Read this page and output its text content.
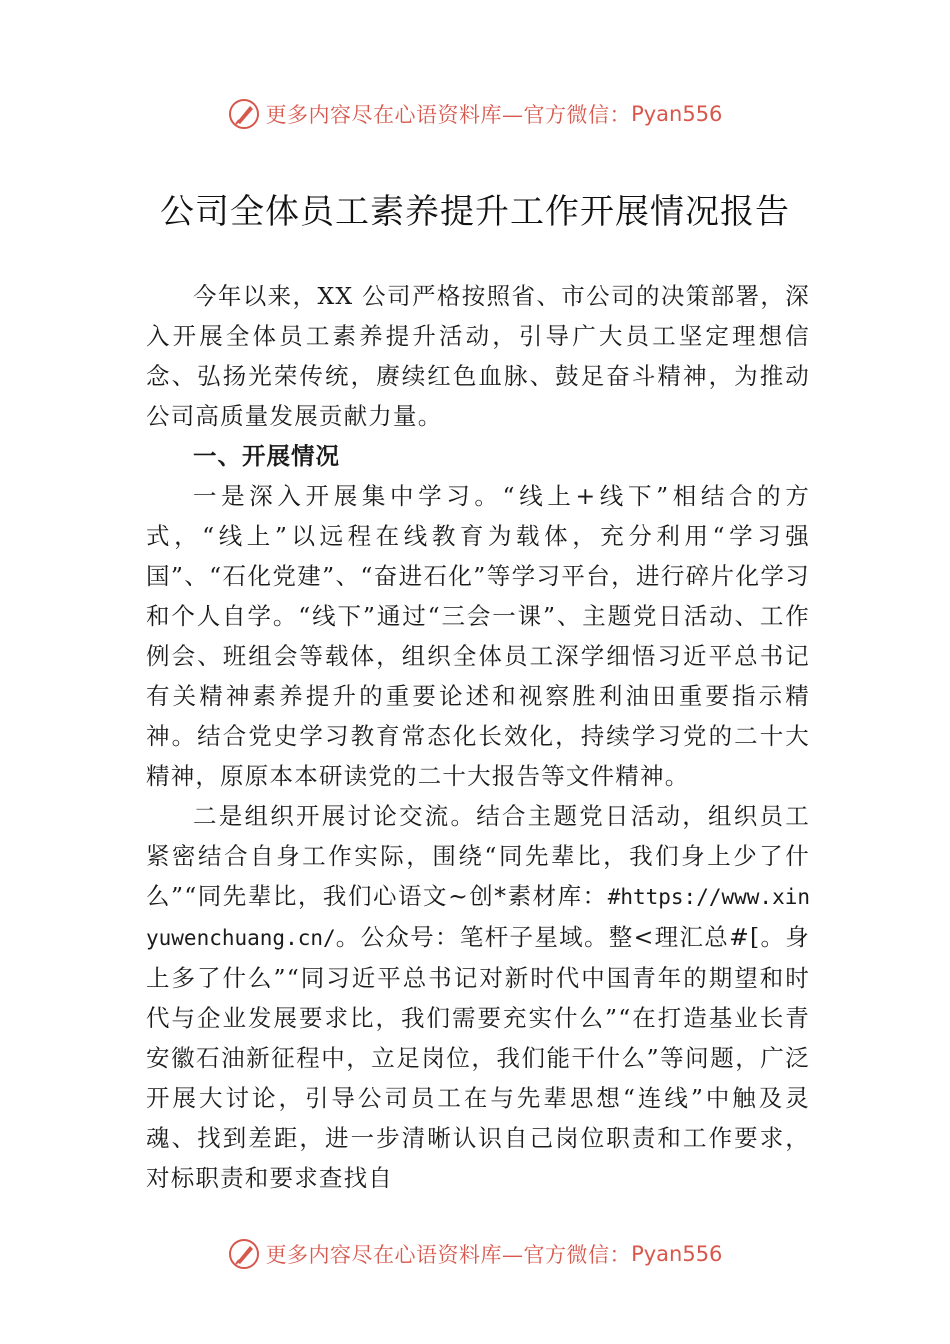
更多内容尽在心语资料库—官方微信： Pyan556
公司全体员工素养提升工作开展情况报告

今年以来，XX 公司严格按照省、市公司的决策部署，深入开展全体员工素养提升活动，引导广大员工坚定理想信念、弘扬光荣传统，赓续红色血脉、鼓足奋斗精神，为推动公司高质量发展贡献力量。

一、开展情况

一是深入开展集中学习。“线上+线下”相结合的方式，“线上”以远程在线教育为载体，充分利用“学习强国”、“石化党建”、“奋进石化”等学习平台，进行碎片化学习和个人自学。“线下”通过“三会一课”、主题党日活动、工作例会、班组会等载体，组织全体员工深学细悟习近平总书记有关精神素养提升的重要论述和视察胜利油田重要指示精神。结合党史学习教育常态化长效化，持续学习党的二十大精神，原原本本研读党的二十大报告等文件精神。

二是组织开展讨论交流。结合主题党日活动，组织员工紧密结合自身工作实际，围绕“同先辈比，我们身上少了什么”“同先辈比，我们心语文~创*素材库：#https://www.xinyuwenchuang.cn/。公众号：笔杆子星域。整<理汇总#[。身上多了什么”“同习近平总书记对新时代中国青年的期望和时代与企业发展要求比，我们需要充实什么”“在打造基业长青安徽石油新征程中，立足岗位，我们能干什么”等问题，广泛开展大讨论，引导公司员工在与先辈思想“连线”中触及灵魂、找到差距，进一步清晰认识自己岗位职责和工作要求，对标职责和要求查找自

更多内容尽在心语资料库—官方微信： Pyan556
